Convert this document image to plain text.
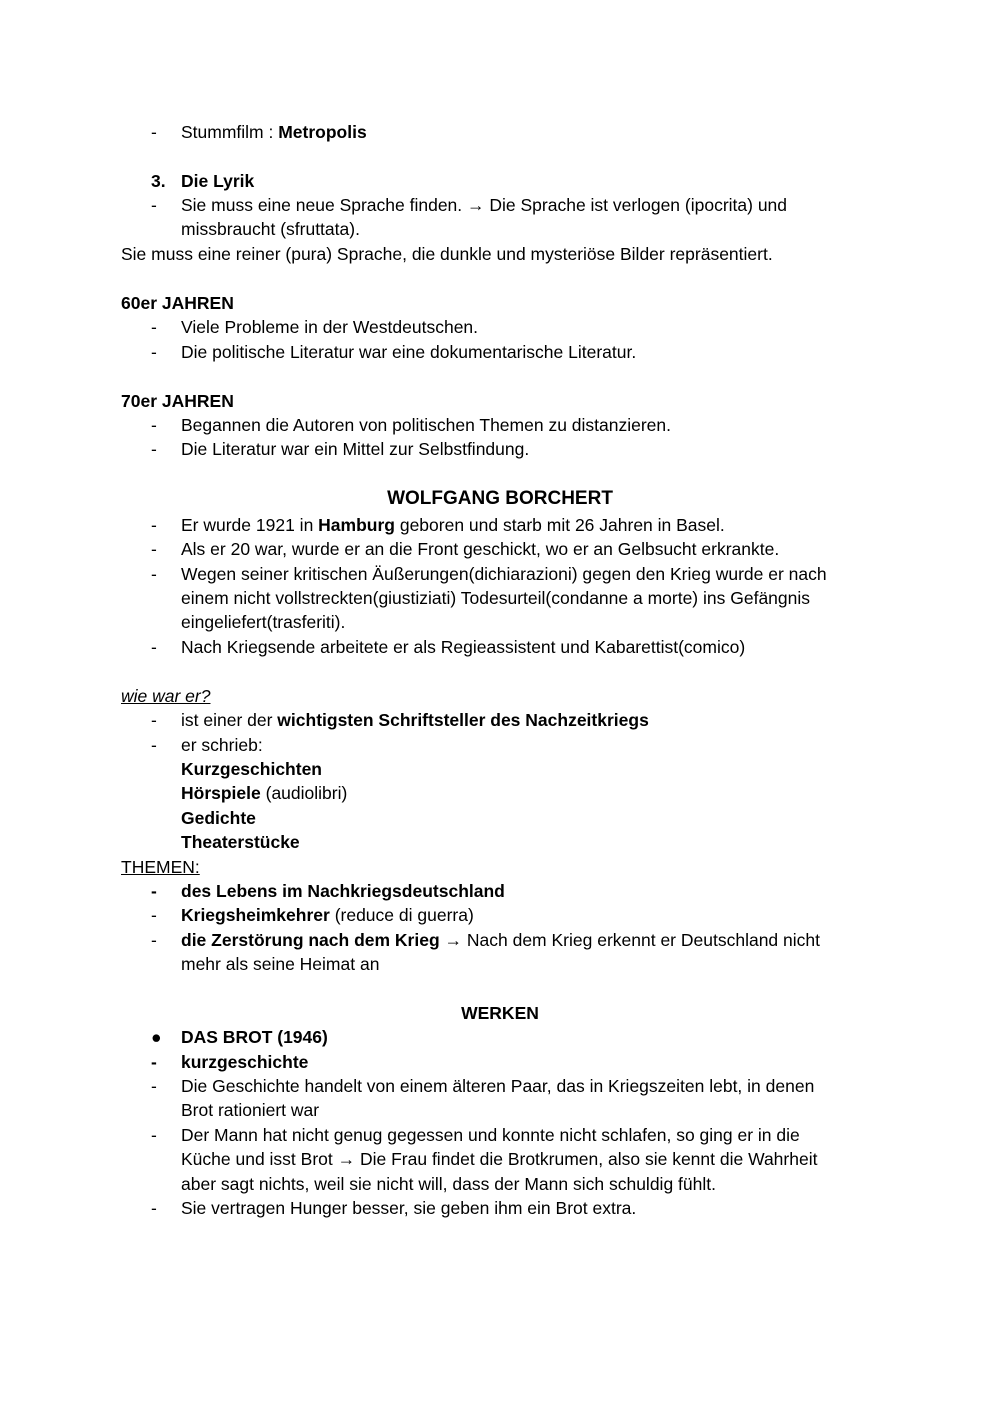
- Stummfilm : Metropolis
3. Die Lyrik
- Sie muss eine neue Sprache finden. → Die Sprache ist verlogen (ipocrita) und
missbraucht (sfruttata).
Sie muss eine reiner (pura) Sprache, die dunkle und mysteriöse Bilder repräsentiert.
60er JAHREN
- Viele Probleme in der Westdeutschen.
- Die politische Literatur war eine dokumentarische Literatur.
70er JAHREN
- Begannen die Autoren von politischen Themen zu distanzieren.
- Die Literatur war ein Mittel zur Selbstfindung.
WOLFGANG BORCHERT
- Er wurde 1921 in Hamburg geboren und starb mit 26 Jahren in Basel.
- Als er 20 war, wurde er an die Front geschickt, wo er an Gelbsucht erkrankte.
- Wegen seiner kritischen Äußerungen(dichiarazioni) gegen den Krieg wurde er nach
einem nicht vollstreckten(giustiziati) Todesurteil(condanne a morte) ins Gefängnis
eingeliefert(trasferiti).
- Nach Kriegsende arbeitete er als Regieassistent und Kabarettist(comico)
wie war er?
- ist einer der wichtigsten Schriftsteller des Nachzeitkriegs
- er schrieb:
Kurzgeschichten
Hörspiele (audiolibri)
Gedichte
Theaterstücke
THEMEN:
- des Lebens im Nachkriegsdeutschland
- Kriegsheimkehrer (reduce di guerra)
- die Zerstörung nach dem Krieg → Nach dem Krieg erkennt er Deutschland nicht
mehr als seine Heimat an
WERKEN
● DAS BROT (1946)
- kurzgeschichte
- Die Geschichte handelt von einem älteren Paar, das in Kriegszeiten lebt, in denen
Brot rationiert war
- Der Mann hat nicht genug gegessen und konnte nicht schlafen, so ging er in die
Küche und isst Brot → Die Frau findet die Brotkrumen, also sie kennt die Wahrheit
aber sagt nichts, weil sie nicht will, dass der Mann sich schuldig fühlt.
- Sie vertragen Hunger besser, sie geben ihm ein Brot extra.
